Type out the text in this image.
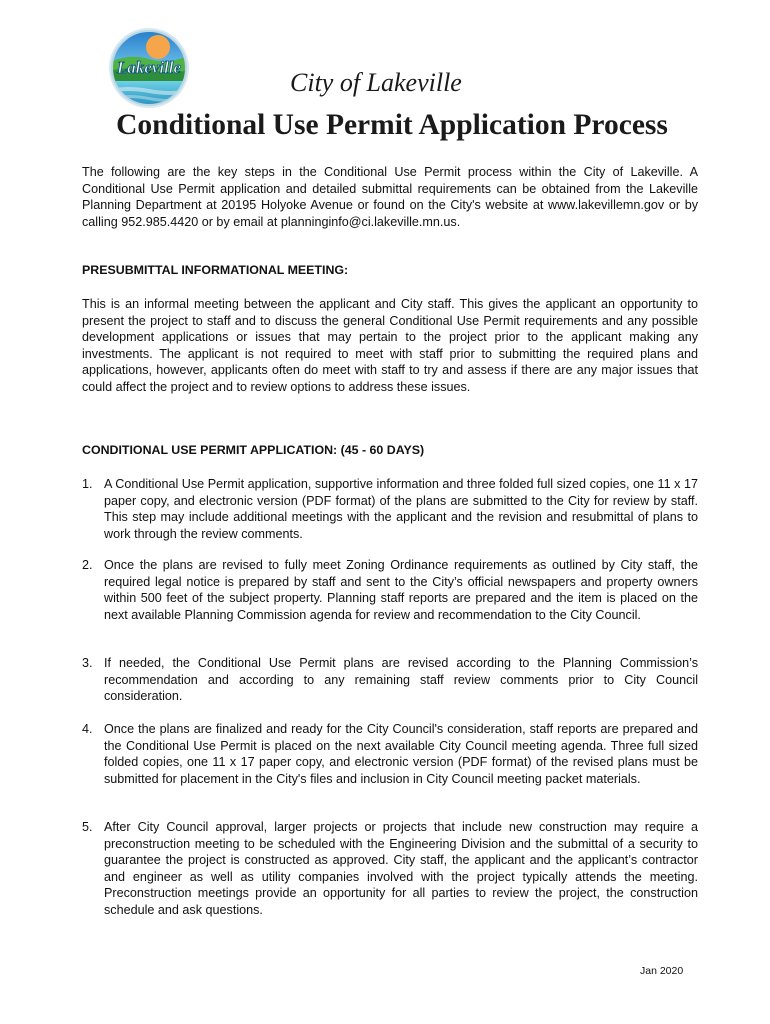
Lakeville
City of Lakeville
Conditional Use Permit Application Process

The following are the key steps in the Conditional Use Permit process within the City of Lakeville. A Conditional Use Permit application and detailed submittal requirements can be obtained from the Lakeville Planning Department at 20195 Holyoke Avenue or found on the City's website at www.lakevillemn.gov or by calling 952.985.4420 or by email at planninginfo@ci.lakeville.mn.us.

PRESUBMITTAL INFORMATIONAL MEETING:

This is an informal meeting between the applicant and City staff. This gives the applicant an opportunity to present the project to staff and to discuss the general Conditional Use Permit requirements and any possible development applications or issues that may pertain to the project prior to the applicant making any investments. The applicant is not required to meet with staff prior to submitting the required plans and applications, however, applicants often do meet with staff to try and assess if there are any major issues that could affect the project and to review options to address these issues.

CONDITIONAL USE PERMIT APPLICATION: (45 - 60 DAYS)
1. A Conditional Use Permit application, supportive information and three folded full sized copies, one 11 x 17 paper copy, and electronic version (PDF format) of the plans are submitted to the City for review by staff. This step may include additional meetings with the applicant and the revision and resubmittal of plans to work through the review comments.
2. Once the plans are revised to fully meet Zoning Ordinance requirements as outlined by City staff, the required legal notice is prepared by staff and sent to the City’s official newspapers and property owners within 500 feet of the subject property. Planning staff reports are prepared and the item is placed on the next available Planning Commission agenda for review and recommendation to the City Council.
3. If needed, the Conditional Use Permit plans are revised according to the Planning Commission’s recommendation and according to any remaining staff review comments prior to City Council consideration.
4. Once the plans are finalized and ready for the City Council's consideration, staff reports are prepared and the Conditional Use Permit is placed on the next available City Council meeting agenda. Three full sized folded copies, one 11 x 17 paper copy, and electronic version (PDF format) of the revised plans must be submitted for placement in the City's files and inclusion in City Council meeting packet materials.
5. After City Council approval, larger projects or projects that include new construction may require a preconstruction meeting to be scheduled with the Engineering Division and the submittal of a security to guarantee the project is constructed as approved. City staff, the applicant and the applicant’s contractor and engineer as well as utility companies involved with the project typically attends the meeting. Preconstruction meetings provide an opportunity for all parties to review the project, the construction schedule and ask questions.
Jan 2020
